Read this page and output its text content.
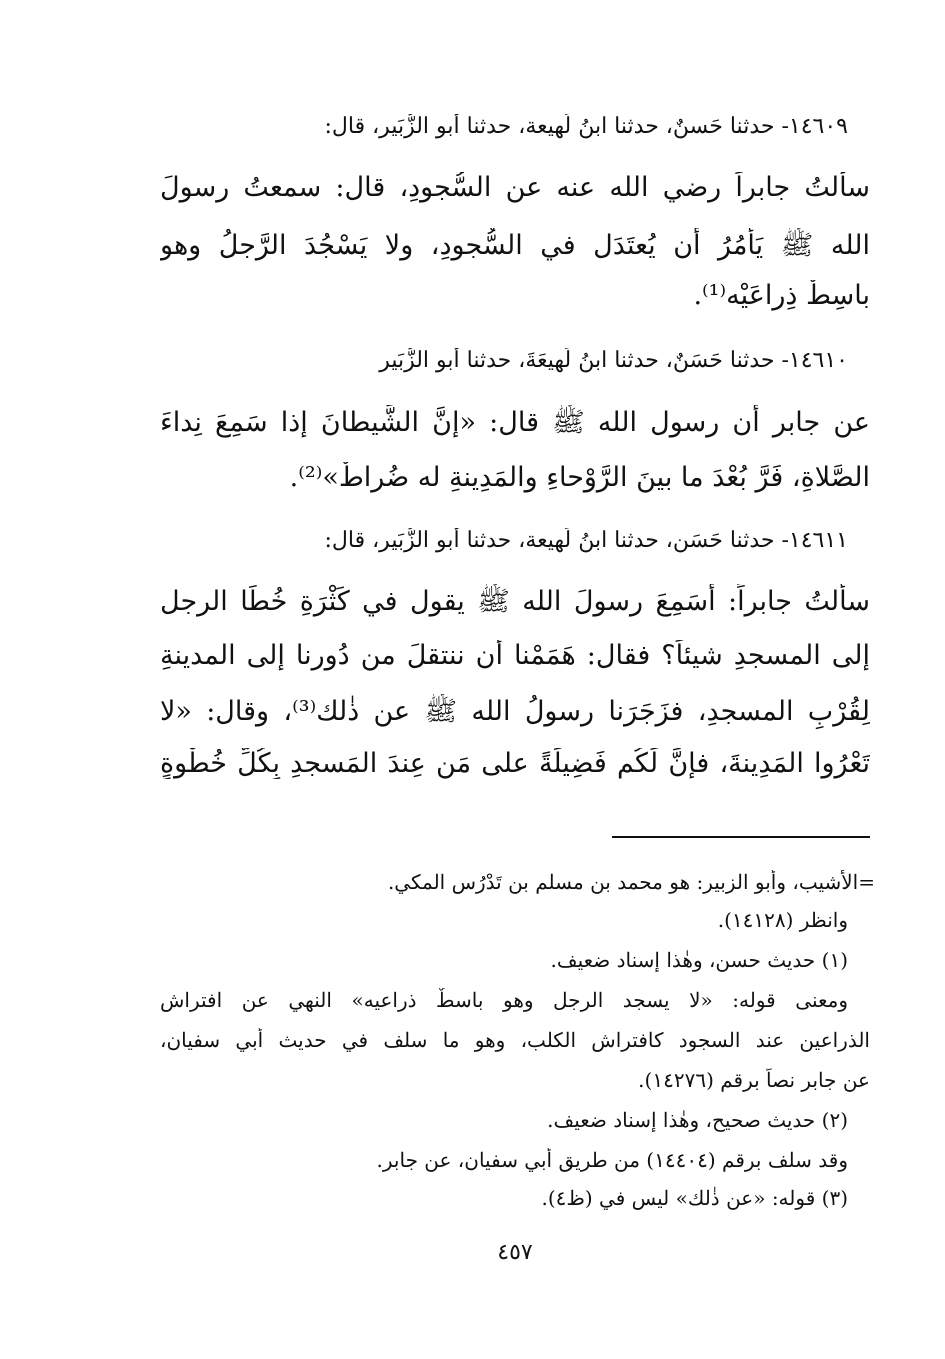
١٤٦٠٩- حدثنا حَسنٌ، حدثنا ابنُ لَهِيعة، حدثنا أَبو الزُّبَير، قال:
سألتُ جابراً رضي الله عنه عن السُّجودِ، قال: سمعتُ رسولَ
الله ﷺ يَأْمُرُ أَن يُعتَدَل في السُّجودِ، ولا يَسْجُدَ الرَّجلُ وهو
باسِطٌ ذِراعَيْه⁽¹⁾.
١٤٦١٠- حدثنا حَسَنٌ، حدثنا ابنُ لَهِيعَةَ، حدثنا أَبو الزُّبَير
عن جابر أَن رسول الله ﷺ قال: «إنَّ الشَّيطانَ إذا سَمِعَ نِداءَ
الصَّلاةِ، فَرَّ بُعْدَ ما بينَ الرَّوْحاءِ والمَدِينةِ له ضُراطٌ»⁽²⁾.
١٤٦١١- حدثنا حَسَن، حدثنا ابنُ لَهِيعة، حدثنا أَبو الزُّبَير، قال:
سألتُ جابراً: أَسَمِعَ رسولَ الله ﷺ يقول في كَثْرَةِ خُطَا الرجل
إلى المسجدِ شيئاً؟ فقال: هَمَمْنا أن ننتقلَ من دُورنا إلى المدينةِ
لِقُرْبِ المسجدِ، فزَجَرَنا رسولُ الله ﷺ عن ذٰلك⁽³⁾، وقال: «لا
تَعْرُوا المَدِينةَ، فإنَّ لَكُم فَضِيلَةً على مَن عِندَ المَسجدِ بِكُلِّ خُطْوةٍ
=الأشيب، وأبو الزبير: هو محمد بن مسلم بن تَدْرُس المكي.
وانظر (١٤١٢٨).
(١) حديث حسن، وهٰذا إسناد ضعيف.
ومعنى قوله: «لا يسجد الرجل وهو باسطٌ ذراعيه» النهي عن افتراش
الذراعين عند السجود كافتراش الكلب، وهو ما سلف في حديث أبي سفيان،
عن جابر نصاً برقم (١٤٢٧٦).
(٢) حديث صحيح، وهٰذا إسناد ضعيف.
وقد سلف برقم (١٤٤٠٤) من طريق أبي سفيان، عن جابر.
(٣) قوله: «عن ذٰلك» ليس في (ظ٤).
٤٥٧
